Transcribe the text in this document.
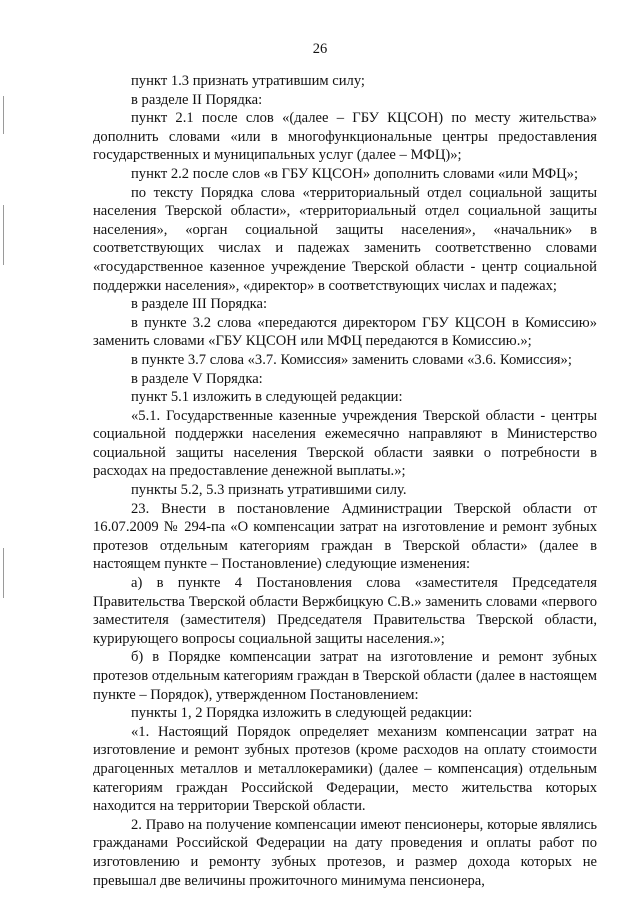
26

пункт 1.3 признать утратившим силу;

в разделе II Порядка:

пункт 2.1 после слов «(далее – ГБУ КЦСОН) по месту жительства» дополнить словами «или в многофункциональные центры предоставления государственных и муниципальных услуг (далее – МФЦ)»;

пункт 2.2 после слов «в ГБУ КЦСОН» дополнить словами «или МФЦ»;

по тексту Порядка слова «территориальный отдел социальной защиты населения Тверской области», «территориальный отдел социальной защиты населения», «орган социальной защиты населения», «начальник» в соответствующих числах и падежах заменить соответственно словами «государственное казенное учреждение Тверской области - центр социальной поддержки населения», «директор» в соответствующих числах и падежах;

в разделе III Порядка:

в пункте 3.2 слова «передаются директором ГБУ КЦСОН в Комиссию» заменить словами «ГБУ КЦСОН или МФЦ передаются в Комиссию.»;

в пункте 3.7 слова «3.7. Комиссия» заменить словами «3.6. Комиссия»;

в разделе V Порядка:

пункт 5.1 изложить в следующей редакции:

«5.1. Государственные казенные учреждения Тверской области - центры социальной поддержки населения ежемесячно направляют в Министерство социальной защиты населения Тверской области заявки о потребности в расходах на предоставление денежной выплаты.»;

пункты 5.2, 5.3 признать утратившими силу.

23. Внести в постановление Администрации Тверской области от 16.07.2009 № 294-па «О компенсации затрат на изготовление и ремонт зубных протезов отдельным категориям граждан в Тверской области» (далее в настоящем пункте – Постановление) следующие изменения:

а) в пункте 4 Постановления слова «заместителя Председателя Правительства Тверской области Вержбицкую С.В.» заменить словами «первого заместителя (заместителя) Председателя Правительства Тверской области, курирующего вопросы социальной защиты населения.»;

б) в Порядке компенсации затрат на изготовление и ремонт зубных протезов отдельным категориям граждан в Тверской области (далее в настоящем пункте – Порядок), утвержденном Постановлением:

пункты 1, 2 Порядка изложить в следующей редакции:

«1. Настоящий Порядок определяет механизм компенсации затрат на изготовление и ремонт зубных протезов (кроме расходов на оплату стоимости драгоценных металлов и металлокерамики) (далее – компенсация) отдельным категориям граждан Российской Федерации, место жительства которых находится на территории Тверской области.

2. Право на получение компенсации имеют пенсионеры, которые являлись гражданами Российской Федерации на дату проведения и оплаты работ по изготовлению и ремонту зубных протезов, и размер дохода которых не превышал две величины прожиточного минимума пенсионера,
